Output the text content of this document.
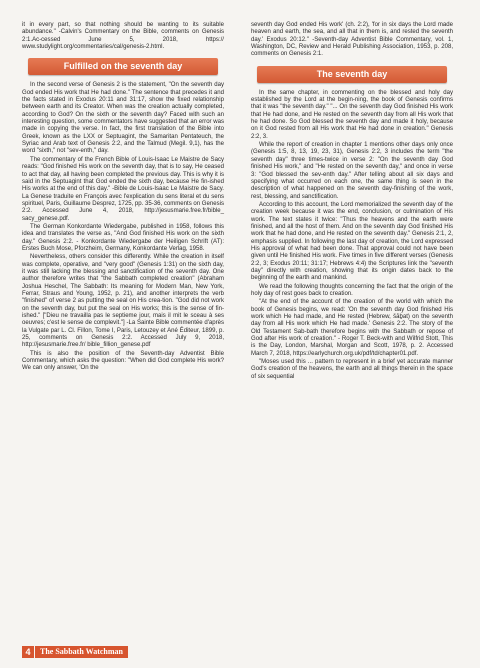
it in every part, so that nothing should be wanting to its suitable abundance." -Calvin's Commentary on the Bible, comments on Genesis 2:1.Ac-cessed June 5, 2018, https:// www.studylight.org/commentaries/cal/genesis-2.html.

Fulfilled on the seventh day

In the second verse of Genesis 2 is the statement, "On the seventh day God ended His work that He had done." The sentence that precedes it and the facts stated in Exodus 20:11 and 31:17, show the fixed relationship between earth and its Creator. When was the creation actually completed, according to God? On the sixth or the seventh day? Faced with such an interesting question, some commentators have suggested that an error was made in copying the verse. In fact, the first translation of the Bible into Greek, known as the LXX or Septuagint, the Samaritan Pentateuch, the Syriac and Arab text of Genesis 2:2, and the Talmud (Megil. 9,1), has the word "sixth," not "sev-enth," day.

The commentary of the French Bible of Louis-Isaac Le Maistre de Sacy reads: "God finished His work on the seventh day, that is to say, He ceased to act that day, all having been completed the previous day. This is why it is said in the Septuagint that God ended the sixth day, because He fin-ished His works at the end of this day." -Bible de Louis-Isaac Le Maistre de Sacy. La Genese traduite en François avec l'explication du sens literal et du sens spirituel, Paris, Guillaume Desprez, 1725, pp. 35-36, comments on Genesis 2:2. Accessed June 4, 2018, http://jesusmarie.free.fr/bible_ sacy_genese.pdf.

The German Konkordante Wiedergabe, published in 1958, follows this idea and translates the verse as, "And God finished His work on the sixth day." Genesis 2:2. - Konkordante Wiedergabe der Heiligen Schrift (AT): Erstes Buch Mose, Pforzheim, Germany, Konkordante Verlag, 1958.

Nevertheless, others consider this differently. While the creation in itself was complete, operative, and "very good" (Genesis 1:31) on the sixth day, it was still lacking the blessing and sanctification of the seventh day. One author therefore writes that "the Sabbath completed creation" (Abraham Joshua Heschel, The Sabbath: Its meaning for Modern Man, New York, Ferrar, Straus and Young, 1952, p. 21), and another interprets the verb "finished" of verse 2 as putting the seal on His crea-tion. "God did not work on the seventh day, but put the seal on His works; this is the sense of fin-ished." ["Dieu ne travailla pas le septieme jour, mais il mit le sceau à ses oeuvres; c'est le sense de complevit."] -La Sainte Bible commentée d'après la Vulgate par L. Cl. Fillon, Tome I, Paris, Letouzey et Ané Éditeur, 1899, p. 25, comments on Genesis 2:2. Accessed July 9, 2018, http://jesusmarie.free.fr/ bible_fillion_genese.pdf

This is also the position of the Seventh-day Adventist Bible Commentary, which asks the question: "When did God complete His work? We can only answer, 'On the

seventh day God ended His work' (ch. 2:2), 'for in six days the Lord made heaven and earth, the sea, and all that in them is, and rested the seventh day.' Exodus 20:12." -Seventh-day Adventist Bible Commentary, vol. 1, Washington, DC, Review and Herald Publishing Association, 1953, p. 208, comments on Genesis 2:1.

The seventh day

In the same chapter, in commenting on the blessed and holy day established by the Lord at the begin-ning, the book of Genesis confirms that it was "the seventh day." "... On the seventh day God finished His work that He had done, and He rested on the seventh day from all His work that he had done. So God blessed the seventh day and made it holy, because on it God rested from all His work that He had done in creation." Genesis 2:2, 3.

While the report of creation in chapter 1 mentions other days only once (Genesis 1:5, 8, 13, 19, 23, 31), Genesis 2:2, 3 includes the term "the seventh day" three times-twice in verse 2: "On the seventh day God finished His work," and "He rested on the seventh day," and once in verse 3: "God blessed the sev-enth day." After telling about all six days and specifying what occurred on each one, the same thing is seen in the description of what happened on the seventh day-finishing of the work, rest, blessing, and sanctification.

According to this account, the Lord memorialized the seventh day of the creation week because it was the end, conclusion, or culmination of His work. The text states it twice: "Thus the heavens and the earth were finished, and all the host of them. And on the seventh day God finished His work that he had done, and He rested on the seventh day." Genesis 2:1, 2, emphasis supplied. In following the last day of creation, the Lord expressed His approval of what had been done. That approval could not have been given until He finished His work. Five times in five different verses (Genesis 2:2, 3; Exodus 20:11; 31:17; Hebrews 4:4) the Scriptures link the "seventh day" directly with creation, showing that its origin dates back to the beginning of the earth and mankind.

We read the following thoughts concerning the fact that the origin of the holy day of rest goes back to creation.

"At the end of the account of the creation of the world with which the book of Genesis begins, we read: 'On the seventh day God finished His work which He had made, and He rested (Hebrew, šāḇat) on the seventh day from all His work which He had made.' Genesis 2:2. The story of the Old Testament Sab-bath therefore begins with the Sabbath or repose of God after His work of creation." - Roger T. Beck-with and Wilfrid Stott, This is the Day, London, Marshal, Morgan and Scott, 1978, p. 2. Accessed March 7, 2018, https://earlychurch.org.uk/pdf/td/chapter01.pdf.

"Moses used this ... pattern to represent in a brief yet accurate manner God's creation of the heavens, the earth and all things therein in the space of six sequential

4	The Sabbath Watchman
